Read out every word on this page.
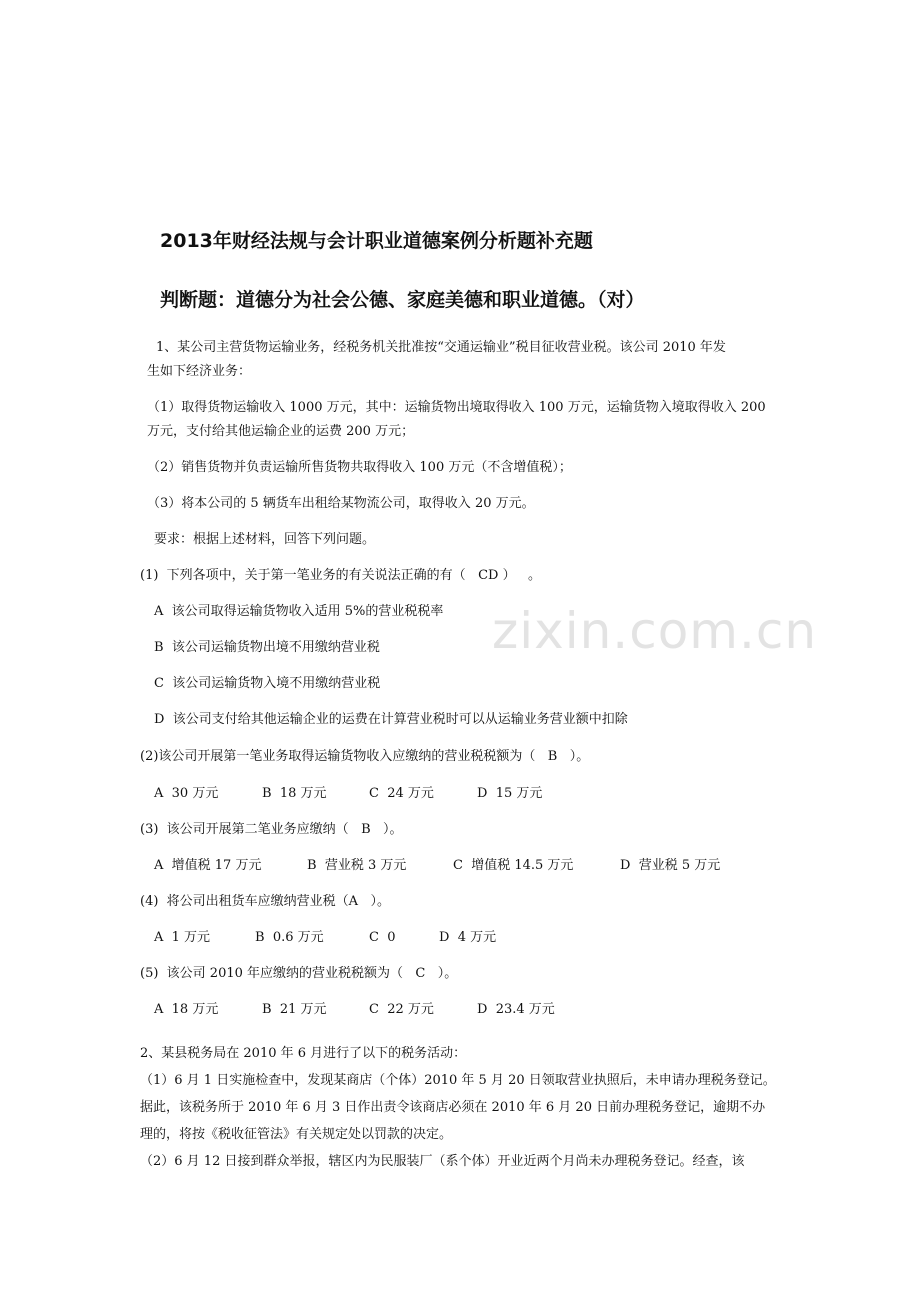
2013年财经法规与会计职业道德案例分析题补充题
判断题：道德分为社会公德、家庭美德和职业道德。（对）
1、某公司主营货物运输业务，经税务机关批准按“交通运输业”税目征收营业税。该公司 2010 年发
生如下经济业务：
（1）取得货物运输收入 1000 万元，其中：运输货物出境取得收入 100 万元，运输货物入境取得收入 200
万元，支付给其他运输企业的运费 200 万元；
（2）销售货物并负责运输所售货物共取得收入 100 万元（不含增值税）；
（3）将本公司的 5 辆货车出租给某物流公司，取得收入 20 万元。
要求：根据上述材料，回答下列问题。
(1)  下列各项中，关于第一笔业务的有关说法正确的有（   CD ）   。
A  该公司取得运输货物收入适用 5%的营业税税率
B  该公司运输货物出境不用缴纳营业税
C  该公司运输货物入境不用缴纳营业税
D  该公司支付给其他运输企业的运费在计算营业税时可以从运输业务营业额中扣除
(2)该公司开展第一笔业务取得运输货物收入应缴纳的营业税税额为（   B   ）。
A  30 万元	B  18 万元	C  24 万元	D  15 万元
(3)  该公司开展第二笔业务应缴纳（   B   ）。
A  增值税 17 万元	B  营业税 3 万元	C  增值税 14.5 万元	D  营业税 5 万元
(4)  将公司出租货车应缴纳营业税（A   ）。
A  1 万元	B  0.6 万元	C  0	D  4 万元
(5)  该公司 2010 年应缴纳的营业税税额为（   C   ）。
A  18 万元	B  21 万元	C  22 万元	D  23.4 万元
2、某县税务局在 2010 年 6 月进行了以下的税务活动：
（1）6 月 1 日实施检查中，发现某商店（个体）2010 年 5 月 20 日领取营业执照后，未申请办理税务登记。
据此，该税务所于 2010 年 6 月 3 日作出责令该商店必须在 2010 年 6 月 20 日前办理税务登记，逾期不办
理的，将按《税收征管法》有关规定处以罚款的决定。
（2）6 月 12 日接到群众举报，辖区内为民服装厂（系个体）开业近两个月尚未办理税务登记。经查，该
zixin.com.cn
